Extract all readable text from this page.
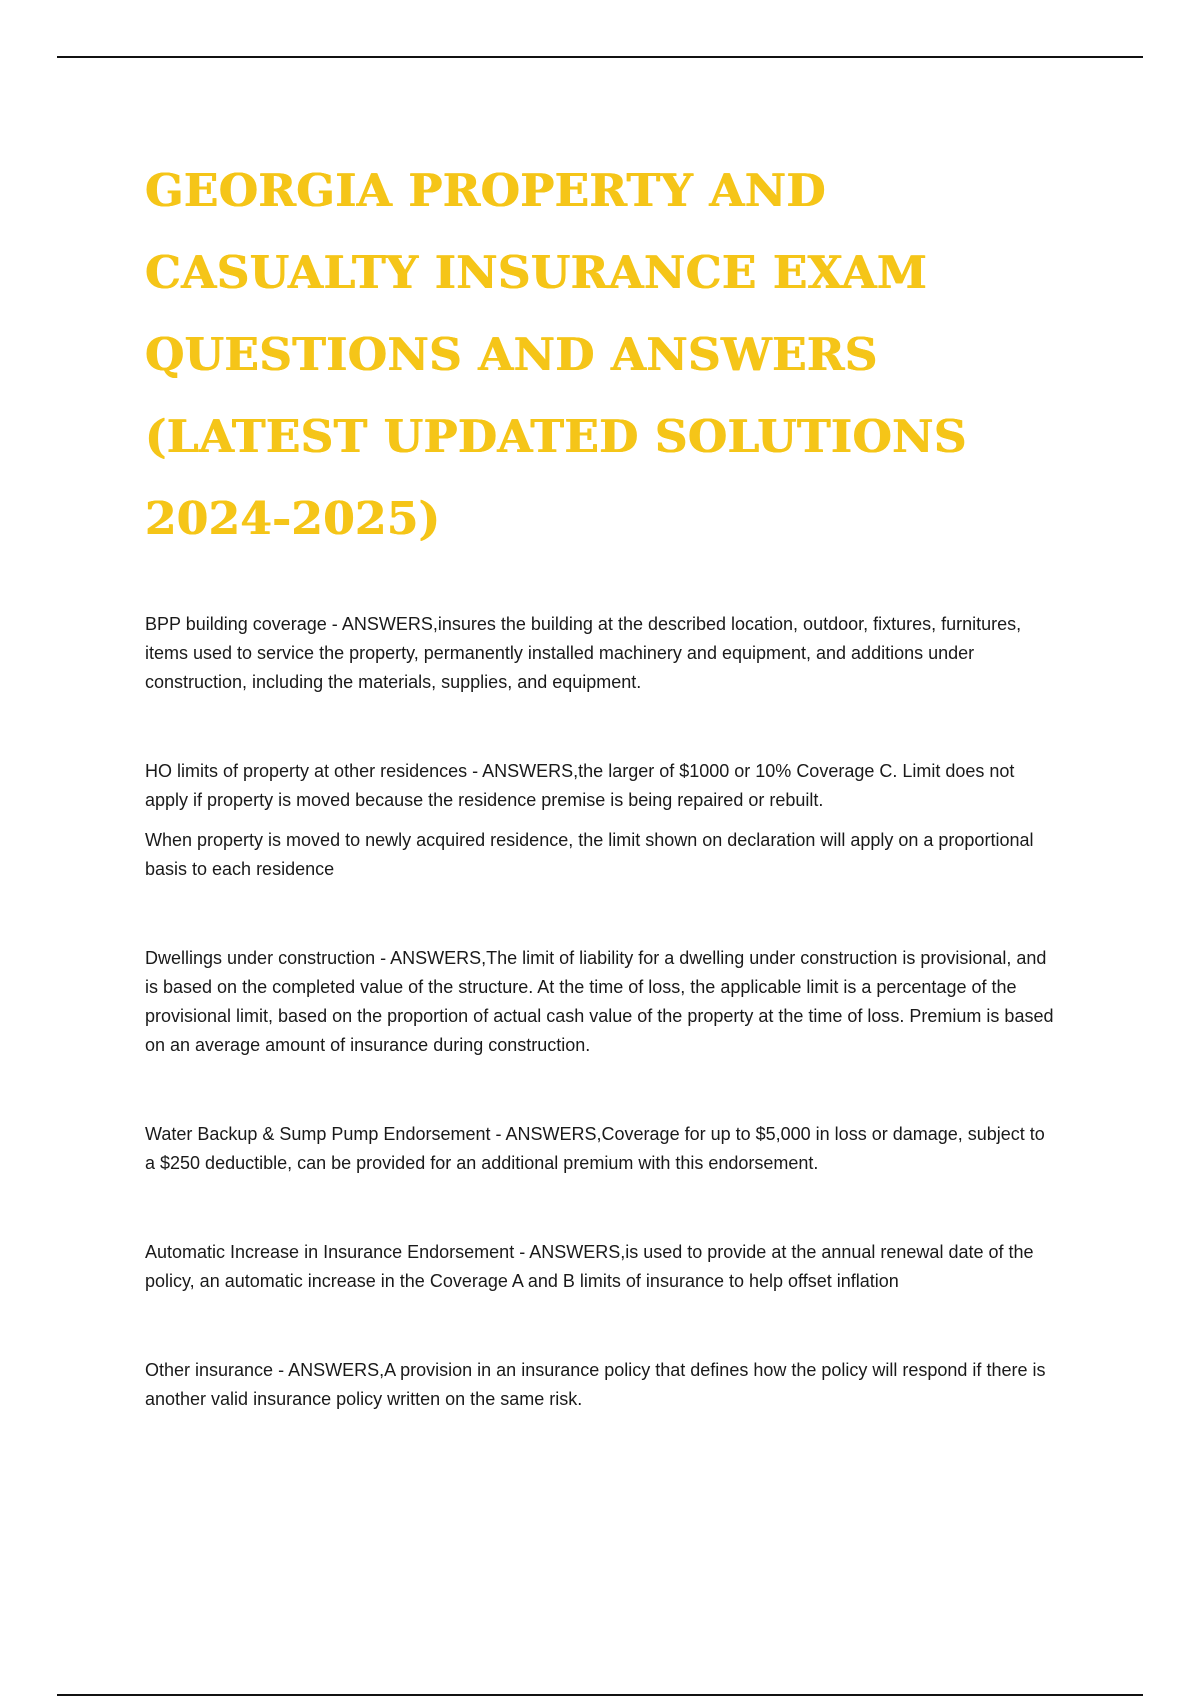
GEORGIA PROPERTY AND CASUALTY INSURANCE EXAM QUESTIONS AND ANSWERS (LATEST UPDATED SOLUTIONS 2024-2025)

BPP building coverage - ANSWERS,insures the building at the described location, outdoor, fixtures, furnitures, items used to service the property, permanently installed machinery and equipment, and additions under construction, including the materials, supplies, and equipment.

HO limits of property at other residences - ANSWERS,the larger of $1000 or 10% Coverage C. Limit does not apply if property is moved because the residence premise is being repaired or rebuilt.

When property is moved to newly acquired residence, the limit shown on declaration will apply on a proportional basis to each residence

Dwellings under construction - ANSWERS,The limit of liability for a dwelling under construction is provisional, and is based on the completed value of the structure. At the time of loss, the applicable limit is a percentage of the provisional limit, based on the proportion of actual cash value of the property at the time of loss. Premium is based on an average amount of insurance during construction.

Water Backup & Sump Pump Endorsement - ANSWERS,Coverage for up to $5,000 in loss or damage, subject to a $250 deductible, can be provided for an additional premium with this endorsement.

Automatic Increase in Insurance Endorsement - ANSWERS,is used to provide at the annual renewal date of the policy, an automatic increase in the Coverage A and B limits of insurance to help offset inflation

Other insurance - ANSWERS,A provision in an insurance policy that defines how the policy will respond if there is another valid insurance policy written on the same risk.
